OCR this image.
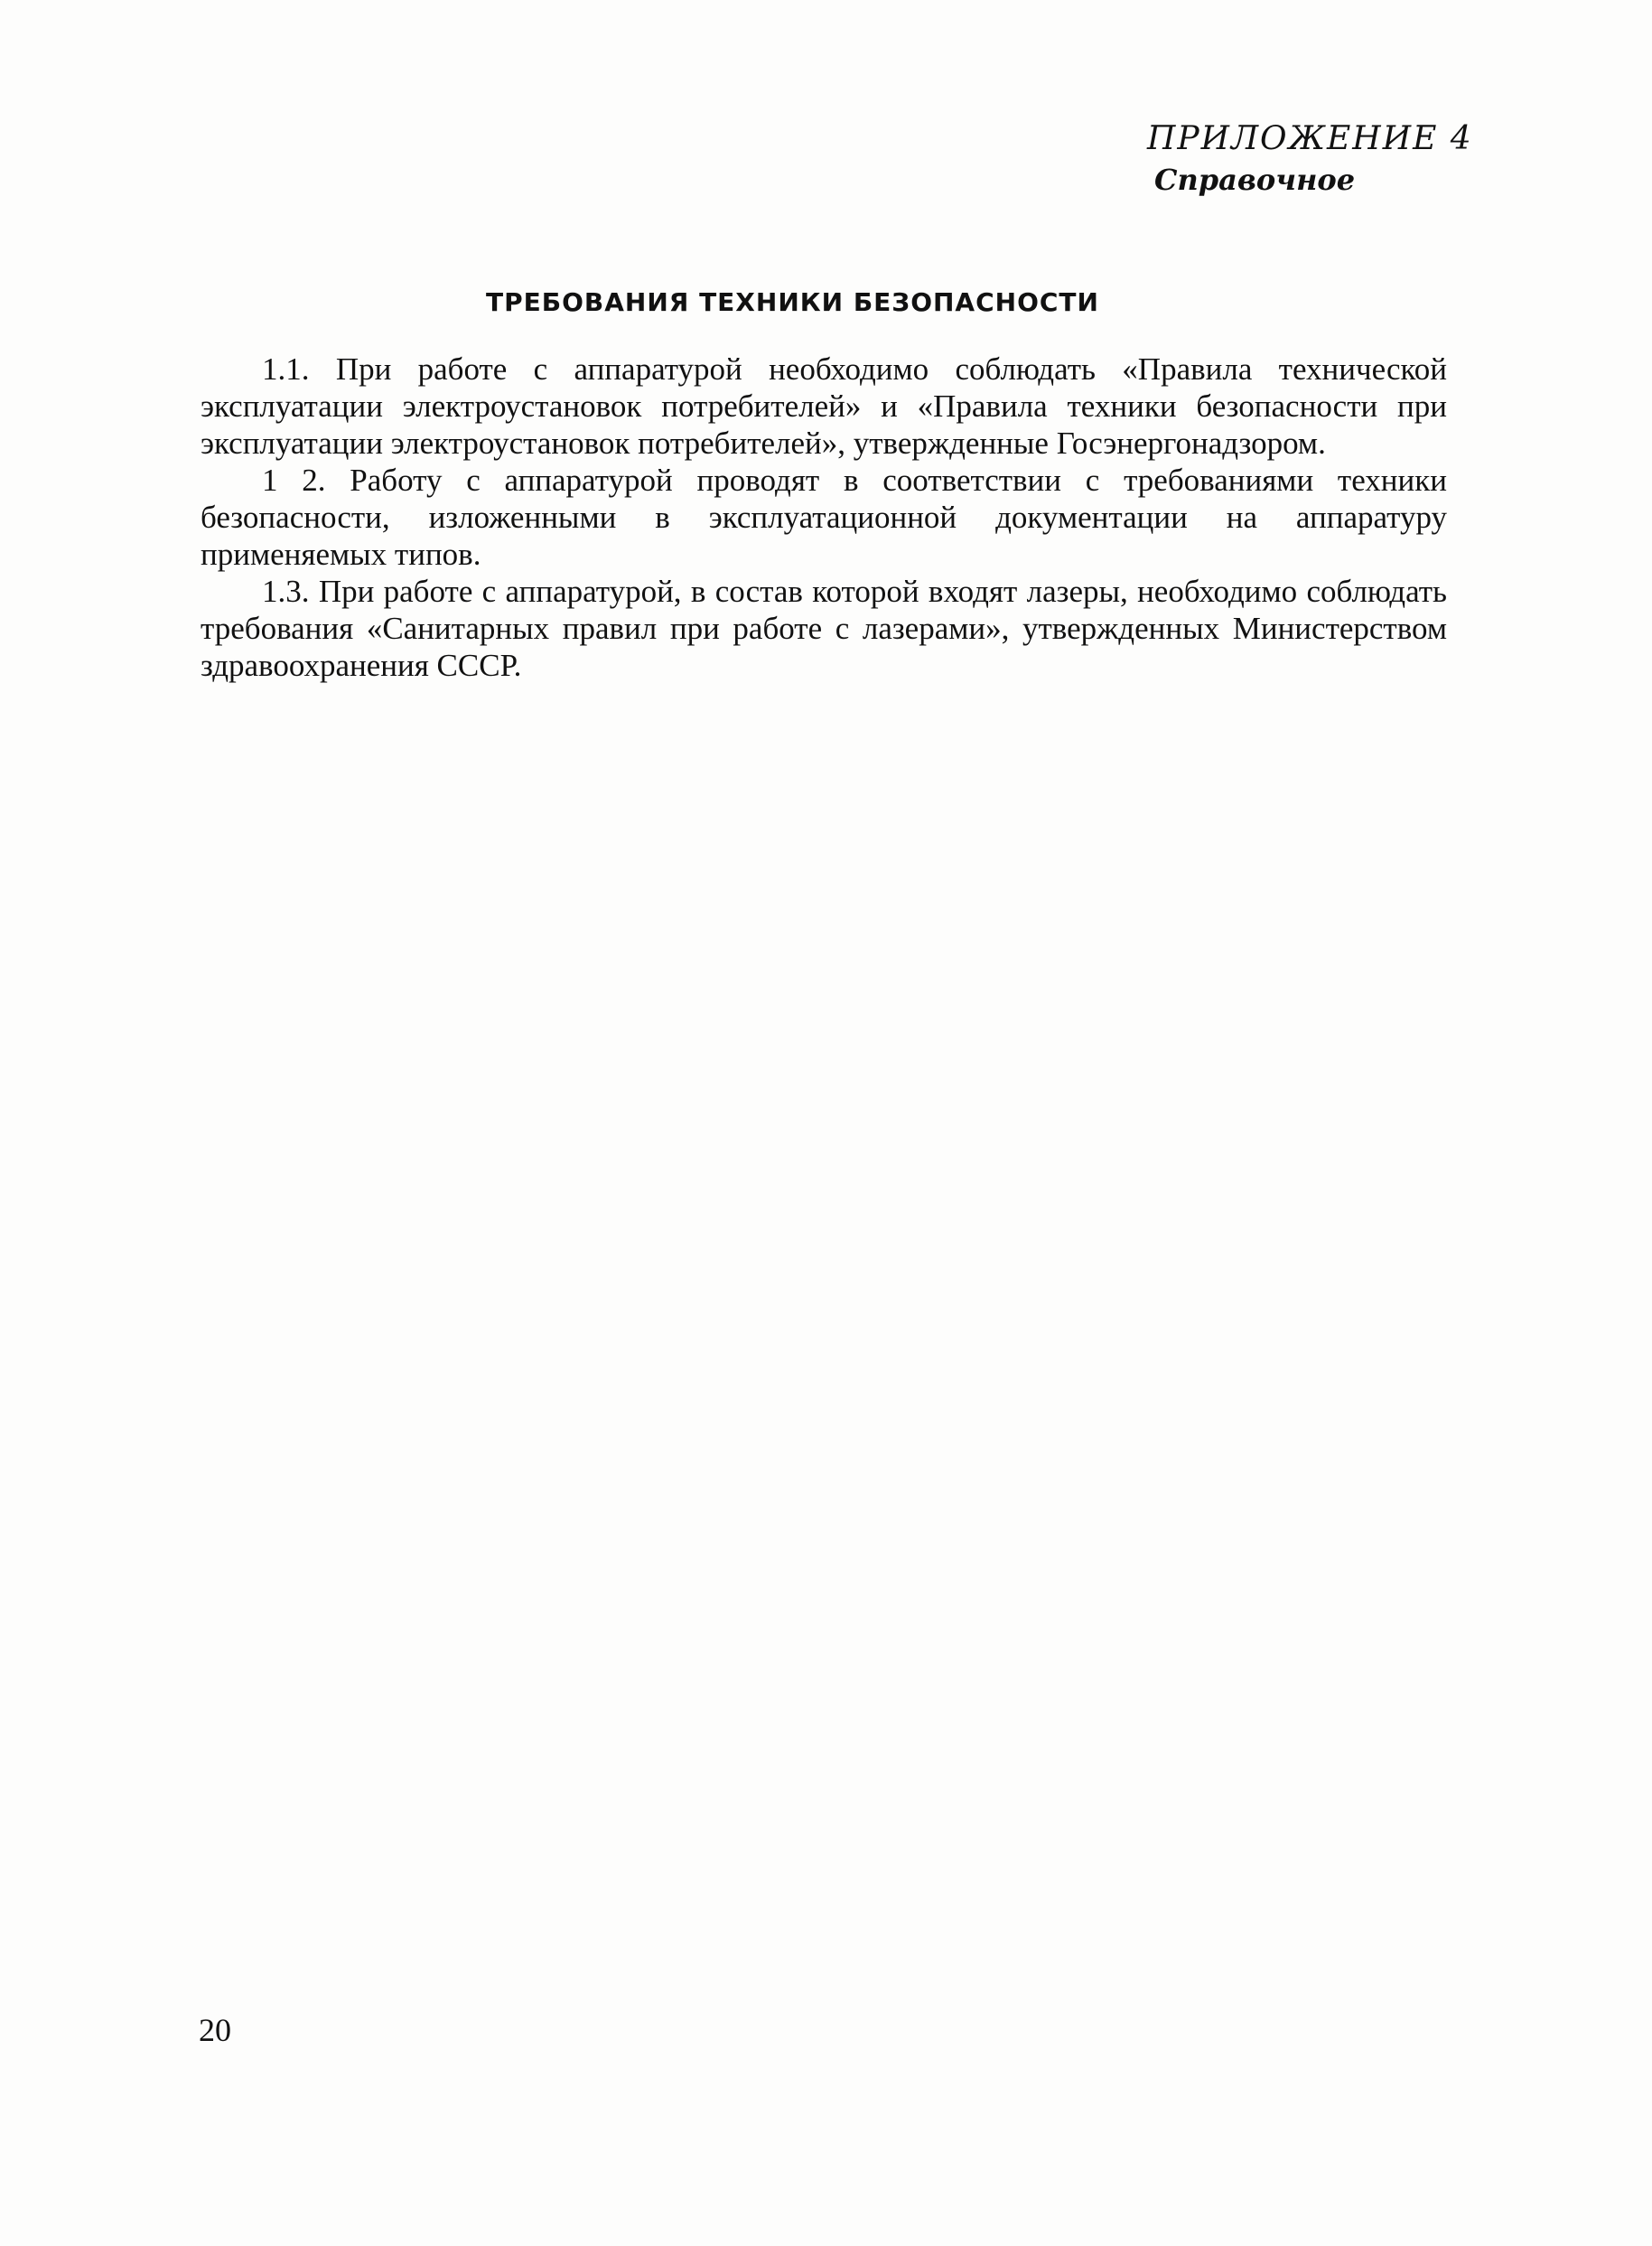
ПРИЛОЖЕНИЕ 4
Справочное
ТРЕБОВАНИЯ ТЕХНИКИ БЕЗОПАСНОСТИ

1.1. При работе с аппаратурой необходимо соблюдать «Правила технической эксплуатации электроустановок потребителей» и «Правила техники безопасности при эксплуатации электроустановок потребителей», утвержденные Госэнергонадзором.

1 2. Работу с аппаратурой проводят в соответствии с требованиями техники безопасности, изложенными в эксплуатационной документации на аппаратуру применяемых типов.

1.3. При работе с аппаратурой, в состав которой входят лазеры, необходимо соблюдать требования «Санитарных правил при работе с лазерами», утвержденных Министерством здравоохранения СССР.

20
